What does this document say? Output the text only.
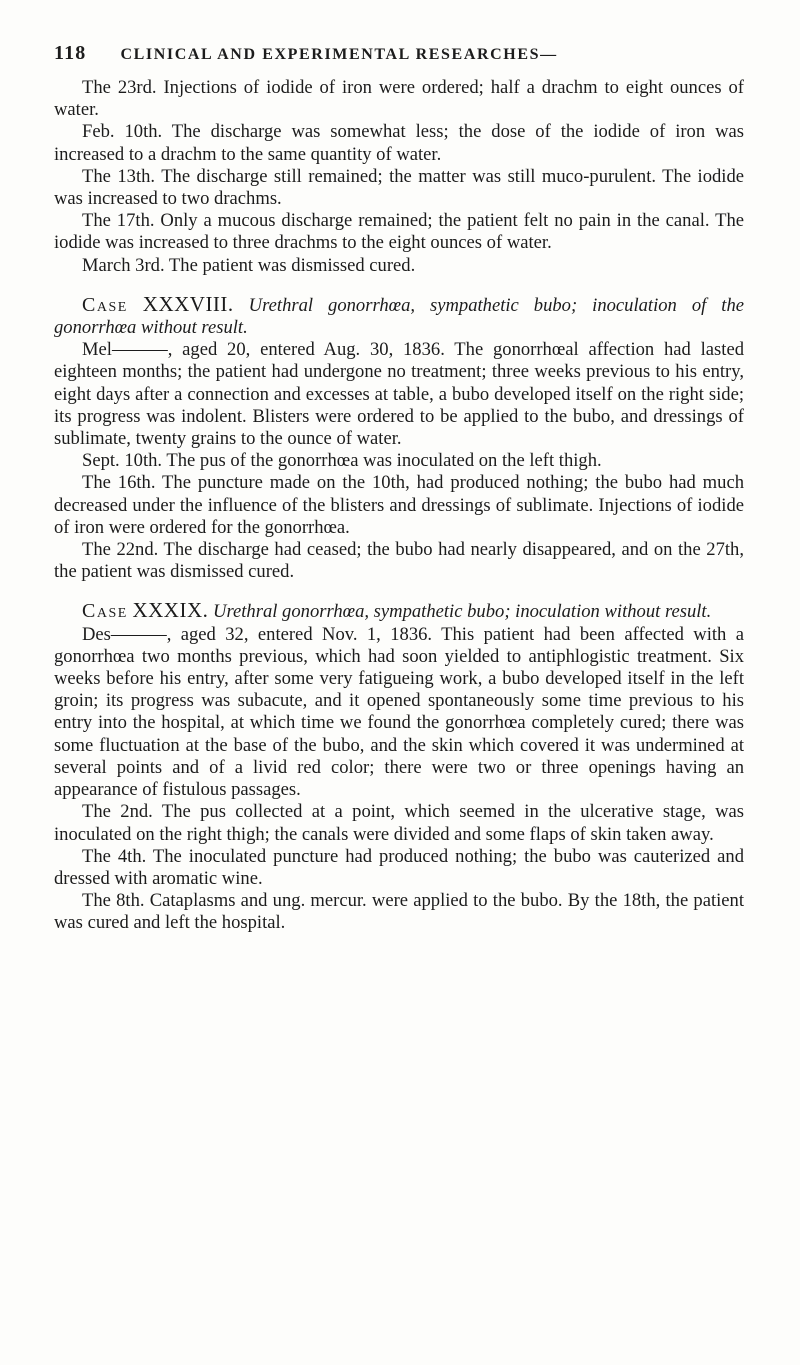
118 CLINICAL AND EXPERIMENTAL RESEARCHES—

The 23rd. Injections of iodide of iron were ordered; half a drachm to eight ounces of water.

Feb. 10th. The discharge was somewhat less; the dose of the iodide of iron was increased to a drachm to the same quantity of water.

The 13th. The discharge still remained; the matter was still muco-purulent. The iodide was increased to two drachms.

The 17th. Only a mucous discharge remained; the patient felt no pain in the canal. The iodide was increased to three drachms to the eight ounces of water.

March 3rd. The patient was dismissed cured.

Case XXXVIII. Urethral gonorrhœa, sympathetic bubo; inoculation of the gonorrhœa without result.

Mel———, aged 20, entered Aug. 30, 1836. The gonorrhœal affection had lasted eighteen months; the patient had undergone no treatment; three weeks previous to his entry, eight days after a connection and excesses at table, a bubo developed itself on the right side; its progress was indolent. Blisters were ordered to be applied to the bubo, and dressings of sublimate, twenty grains to the ounce of water.

Sept. 10th. The pus of the gonorrhœa was inoculated on the left thigh.

The 16th. The puncture made on the 10th, had produced nothing; the bubo had much decreased under the influence of the blisters and dressings of sublimate. Injections of iodide of iron were ordered for the gonorrhœa.

The 22nd. The discharge had ceased; the bubo had nearly disappeared, and on the 27th, the patient was dismissed cured.

Case XXXIX. Urethral gonorrhœa, sympathetic bubo; inoculation without result.

Des———, aged 32, entered Nov. 1, 1836. This patient had been affected with a gonorrhœa two months previous, which had soon yielded to antiphlogistic treatment. Six weeks before his entry, after some very fatigueing work, a bubo developed itself in the left groin; its progress was subacute, and it opened spontaneously some time previous to his entry into the hospital, at which time we found the gonorrhœa completely cured; there was some fluctuation at the base of the bubo, and the skin which covered it was undermined at several points and of a livid red color; there were two or three openings having an appearance of fistulous passages.

The 2nd. The pus collected at a point, which seemed in the ulcerative stage, was inoculated on the right thigh; the canals were divided and some flaps of skin taken away.

The 4th. The inoculated puncture had produced nothing; the bubo was cauterized and dressed with aromatic wine.

The 8th. Cataplasms and ung. mercur. were applied to the bubo. By the 18th, the patient was cured and left the hospital.
